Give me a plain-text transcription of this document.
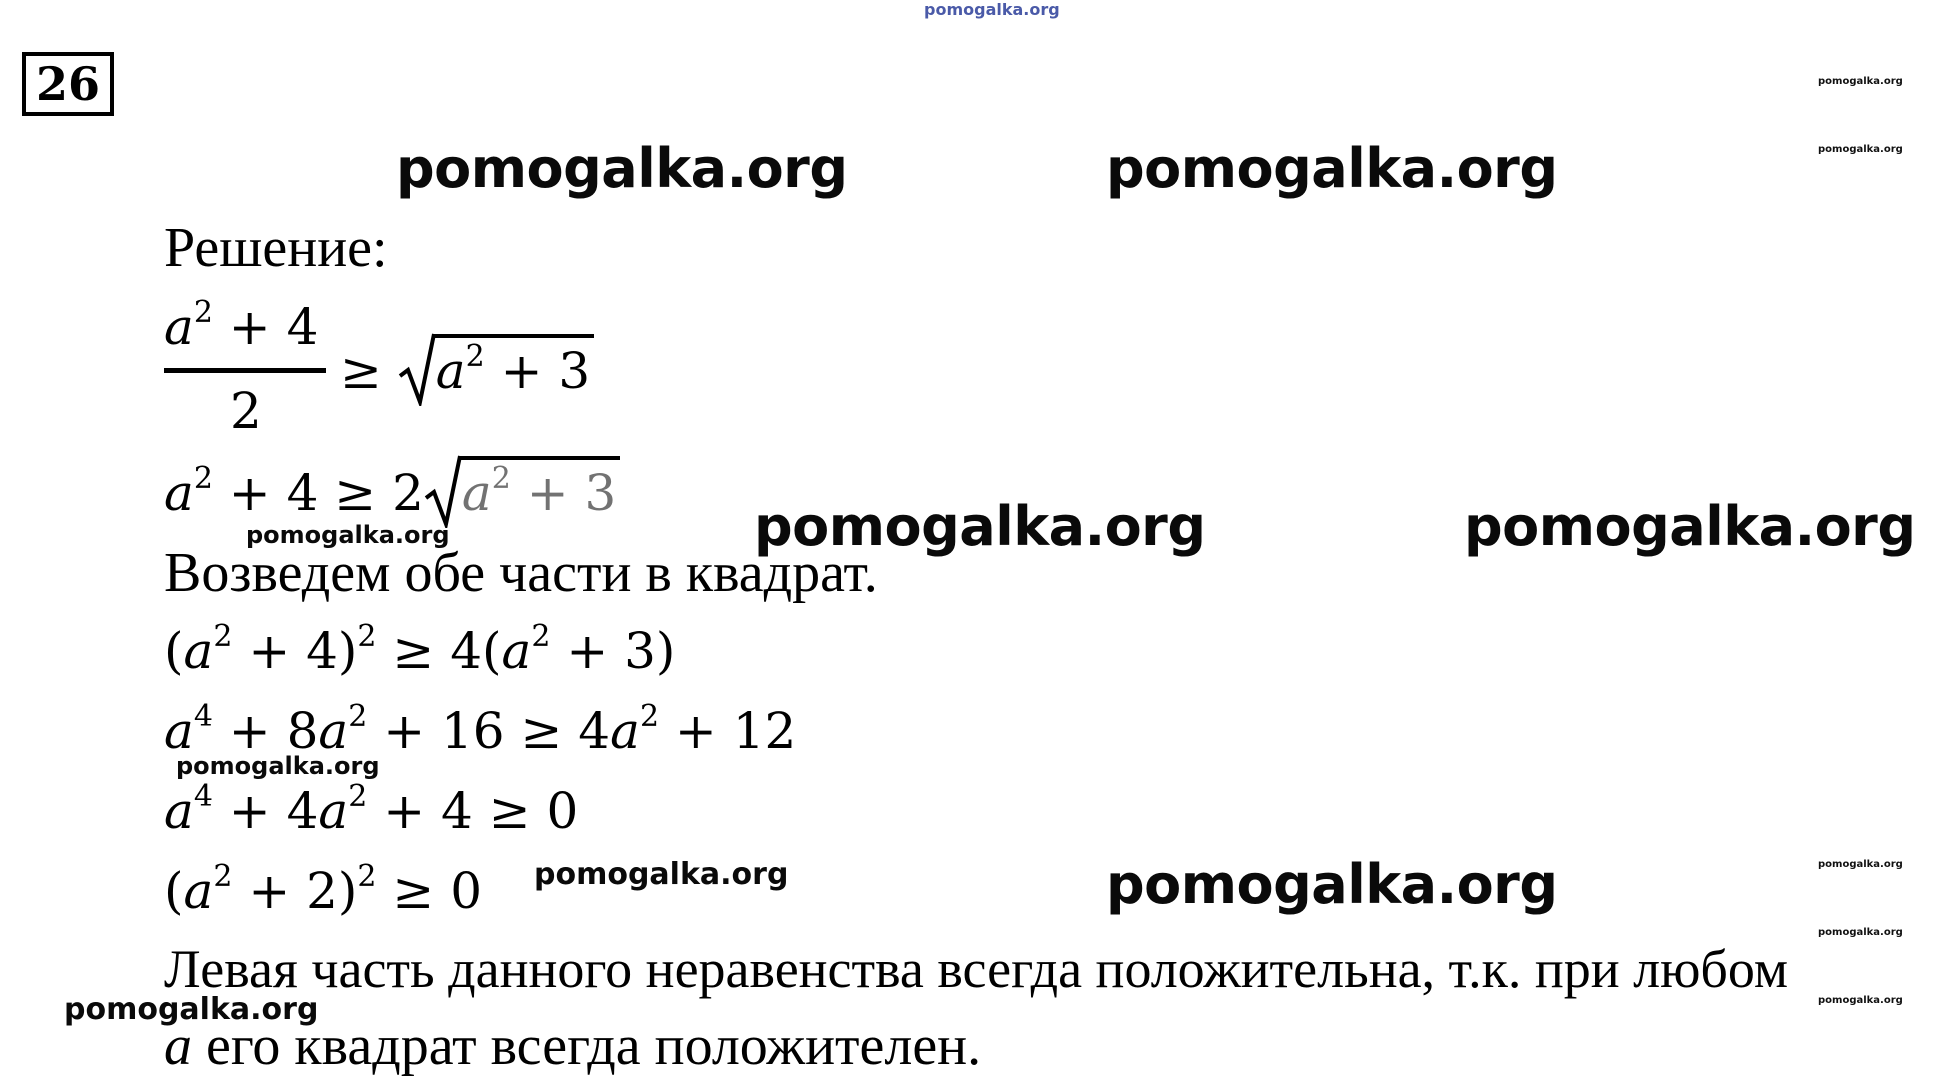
pomogalka.org
26	pomogalka.org
pomogalka.org
pomogalka.org
pomogalka.org
pomogalka.org
pomogalka.org	pomogalka.org
pomogalka.org	pomogalka.org
pomogalka.org
pomogalka.org
pomogalka.org
pomogalka.org
pomogalka.org
Решение:
$a^2 + 4$
2
≥
$a^2 + 3$
$a^2 + 4 \ge 2$ $a^2 + 3$
Возведем обе части в квадрат.
$(a^2 + 4)^2 \ge 4(a^2 + 3)$
$a^4 + 8a^2 + 16 \ge 4a^2 + 12$
$a^4 + 4a^2 + 4 \ge 0$
$(a^2 + 2)^2 \ge 0$
Левая часть данного неравенства всегда положительна, т.к. при любом
a его квадрат всегда положителен.
